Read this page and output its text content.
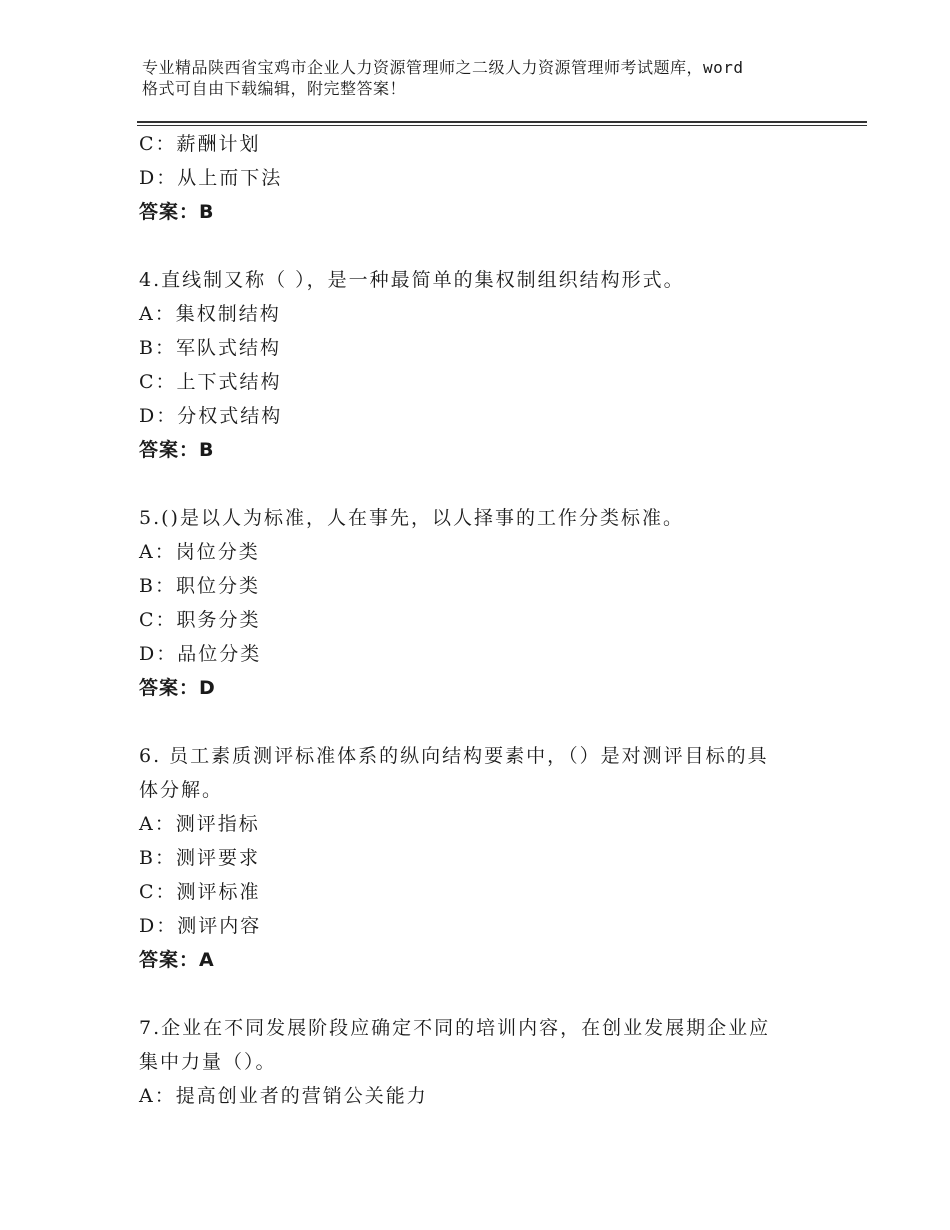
专业精品陕西省宝鸡市企业人力资源管理师之二级人力资源管理师考试题库，word
格式可自由下载编辑，附完整答案！
C：薪酬计划
D：从上而下法
答案：B
4.直线制又称（ ），是一种最简单的集权制组织结构形式。
A：集权制结构
B：军队式结构
C：上下式结构
D：分权式结构
答案：B
5.()是以人为标准，人在事先，以人择事的工作分类标准。
A：岗位分类
B：职位分类
C：职务分类
D：品位分类
答案：D
6. 员工素质测评标准体系的纵向结构要素中，（）是对测评目标的具
体分解。
A：测评指标
B：测评要求
C：测评标准
D：测评内容
答案：A
7.企业在不同发展阶段应确定不同的培训内容，在创业发展期企业应
集中力量（）。
A：提高创业者的营销公关能力
